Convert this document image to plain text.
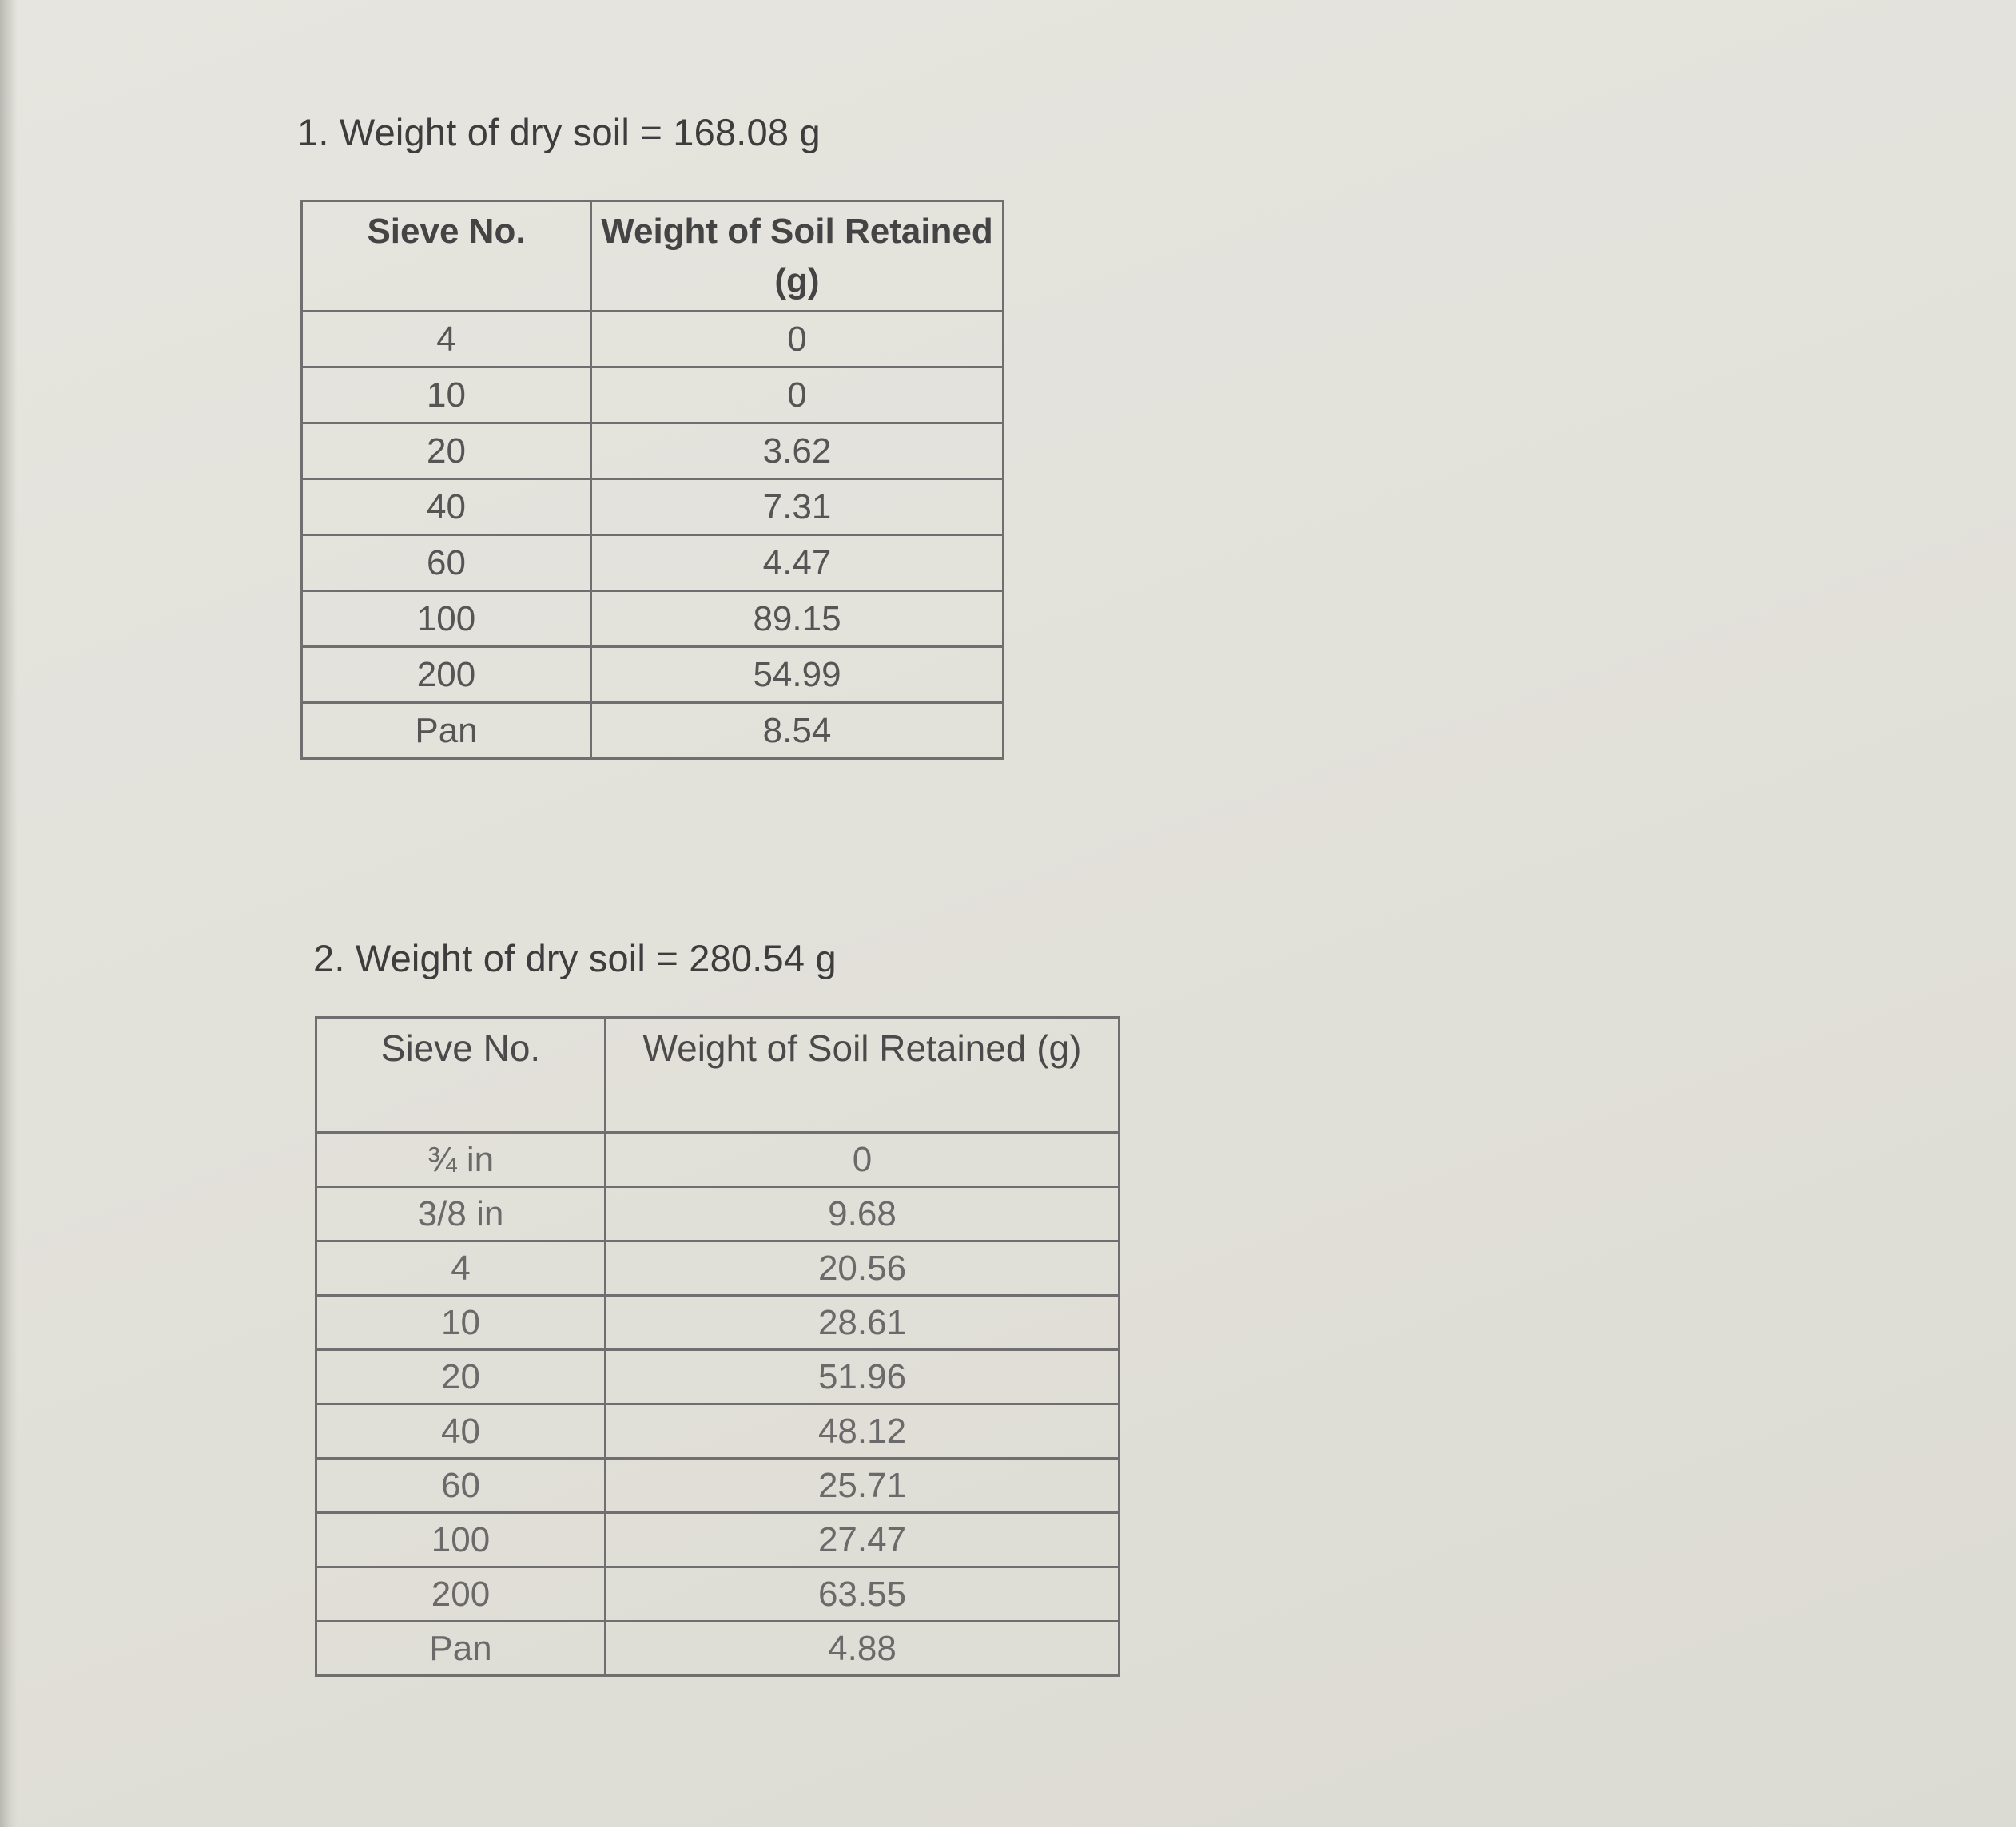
1. Weight of dry soil = 168.08 g
Sieve No.	Weight of Soil Retained (g)
4	0
10	0
20	3.62
40	7.31
60	4.47
100	89.15
200	54.99
Pan	8.54
2. Weight of dry soil = 280.54 g
Sieve No.	Weight of Soil Retained (g)
¾ in	0
3/8 in	9.68
4	20.56
10	28.61
20	51.96
40	48.12
60	25.71
100	27.47
200	63.55
Pan	4.88
